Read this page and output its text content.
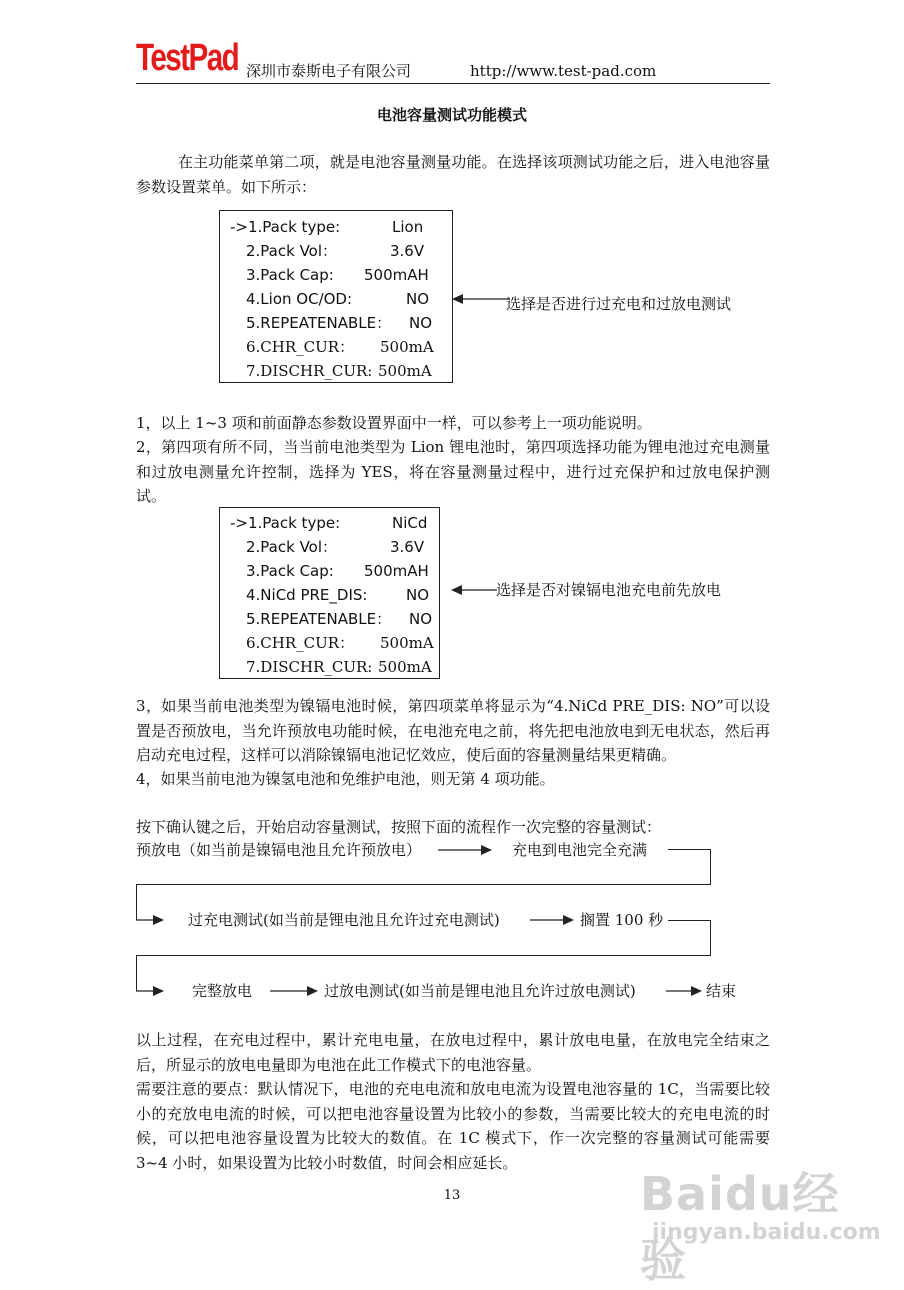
TestPad 深圳市泰斯电子有限公司	http://www.test-pad.com
电池容量测试功能模式
在主功能菜单第二项，就是电池容量测量功能。在选择该项测试功能之后，进入电池容量参数设置菜单。如下所示：
->1.Pack type:	Lion
2.Pack Vol：	3.6V
3.Pack Cap: 500mAH
4.Lion OC/OD:	NO
5.REPEATENABLE： NO
6.CHR_CUR： 500mA
7.DISCHR_CUR: 500mA
选择是否进行过充电和过放电测试
1，以上 1~3 项和前面静态参数设置界面中一样，可以参考上一项功能说明。
2，第四项有所不同，当当前电池类型为 Lion 锂电池时，第四项选择功能为锂电池过充电测量和过放电测量允许控制，选择为 YES，将在容量测量过程中，进行过充保护和过放电保护测试。
->1.Pack type:	NiCd
2.Pack Vol：	3.6V
3.Pack Cap: 500mAH
4.NiCd PRE_DIS:	NO
5.REPEATENABLE： NO
6.CHR_CUR： 500mA
7.DISCHR_CUR: 500mA
选择是否对镍镉电池充电前先放电
3，如果当前电池类型为镍镉电池时候，第四项菜单将显示为“4.NiCd PRE_DIS: NO”可以设置是否预放电，当允许预放电功能时候，在电池充电之前，将先把电池放电到无电状态，然后再启动充电过程，这样可以消除镍镉电池记忆效应，使后面的容量测量结果更精确。
4，如果当前电池为镍氢电池和免维护电池，则无第 4 项功能。
按下确认键之后，开始启动容量测试，按照下面的流程作一次完整的容量测试：
预放电（如当前是镍镉电池且允许预放电）	充电到电池完全充满
过充电测试(如当前是锂电池且允许过充电测试)	搁置 100 秒
完整放电	过放电测试(如当前是锂电池且允许过放电测试)	结束
以上过程，在充电过程中，累计充电电量，在放电过程中，累计放电电量，在放电完全结束之后，所显示的放电电量即为电池在此工作模式下的电池容量。
需要注意的要点：默认情况下，电池的充电电流和放电电流为设置电池容量的 1C，当需要比较小的充放电电流的时候，可以把电池容量设置为比较小的参数，当需要比较大的充电电流的时候，可以把电池容量设置为比较大的数值。在 1C 模式下，作一次完整的容量测试可能需要 3~4 小时，如果设置为比较小时数值，时间会相应延长。
13	Baidu经验
jingyan.baidu.com
